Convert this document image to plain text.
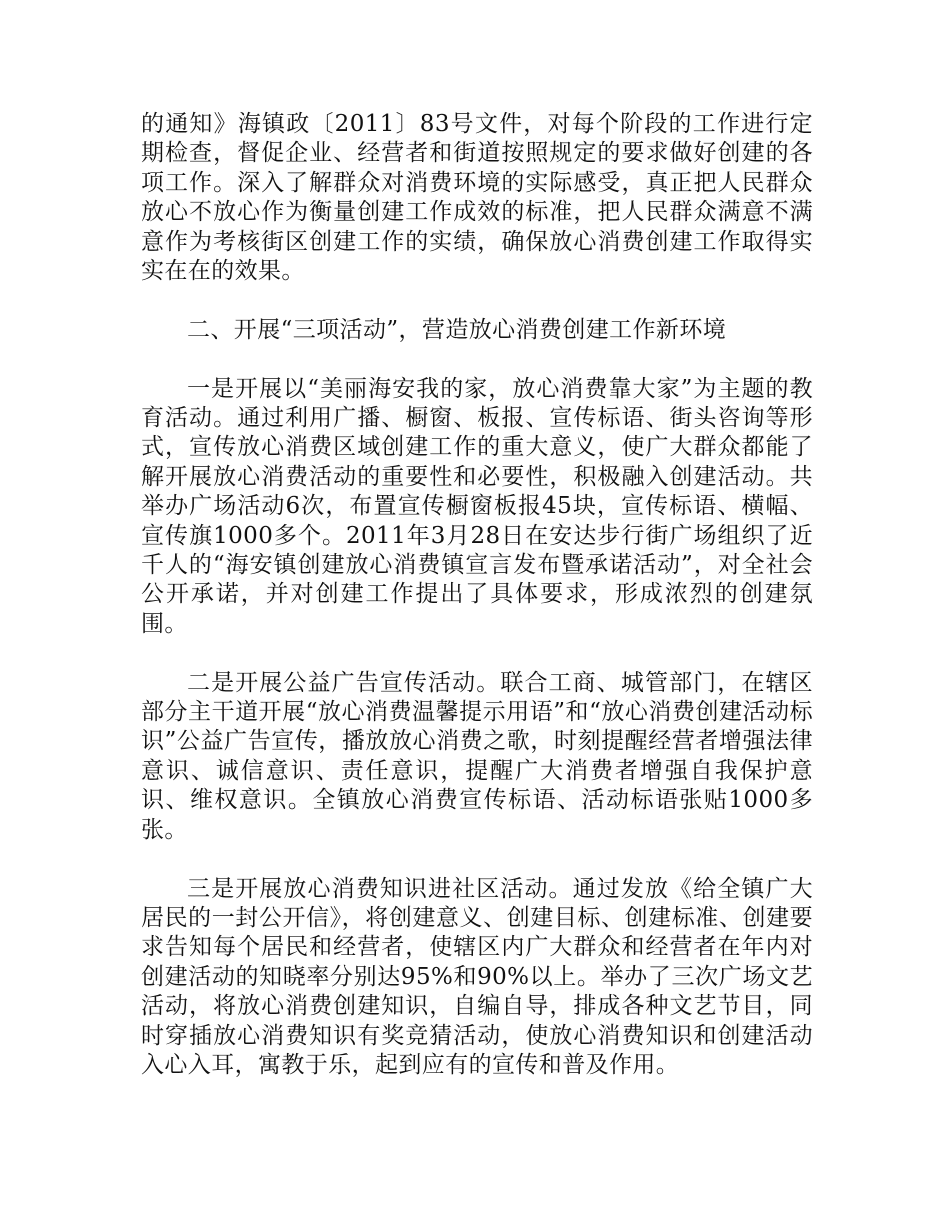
的通知》海镇政〔2011〕83号文件，对每个阶段的工作进行定期检查，督促企业、经营者和街道按照规定的要求做好创建的各项工作。深入了解群众对消费环境的实际感受，真正把人民群众放心不放心作为衡量创建工作成效的标准，把人民群众满意不满意作为考核街区创建工作的实绩，确保放心消费创建工作取得实实在在的效果。

二、开展“三项活动”，营造放心消费创建工作新环境

一是开展以“美丽海安我的家，放心消费靠大家”为主题的教育活动。通过利用广播、橱窗、板报、宣传标语、街头咨询等形式，宣传放心消费区域创建工作的重大意义，使广大群众都能了解开展放心消费活动的重要性和必要性，积极融入创建活动。共举办广场活动6次，布置宣传橱窗板报45块，宣传标语、横幅、宣传旗1000多个。2011年3月28日在安达步行街广场组织了近千人的“海安镇创建放心消费镇宣言发布暨承诺活动”，对全社会公开承诺，并对创建工作提出了具体要求，形成浓烈的创建氛围。

二是开展公益广告宣传活动。联合工商、城管部门，在辖区部分主干道开展“放心消费温馨提示用语”和“放心消费创建活动标识”公益广告宣传，播放放心消费之歌，时刻提醒经营者增强法律意识、诚信意识、责任意识，提醒广大消费者增强自我保护意识、维权意识。全镇放心消费宣传标语、活动标语张贴1000多张。

三是开展放心消费知识进社区活动。通过发放《给全镇广大居民的一封公开信》，将创建意义、创建目标、创建标准、创建要求告知每个居民和经营者，使辖区内广大群众和经营者在年内对创建活动的知晓率分别达95%和90%以上。举办了三次广场文艺活动，将放心消费创建知识，自编自导，排成各种文艺节目，同时穿插放心消费知识有奖竞猜活动，使放心消费知识和创建活动入心入耳，寓教于乐，起到应有的宣传和普及作用。
